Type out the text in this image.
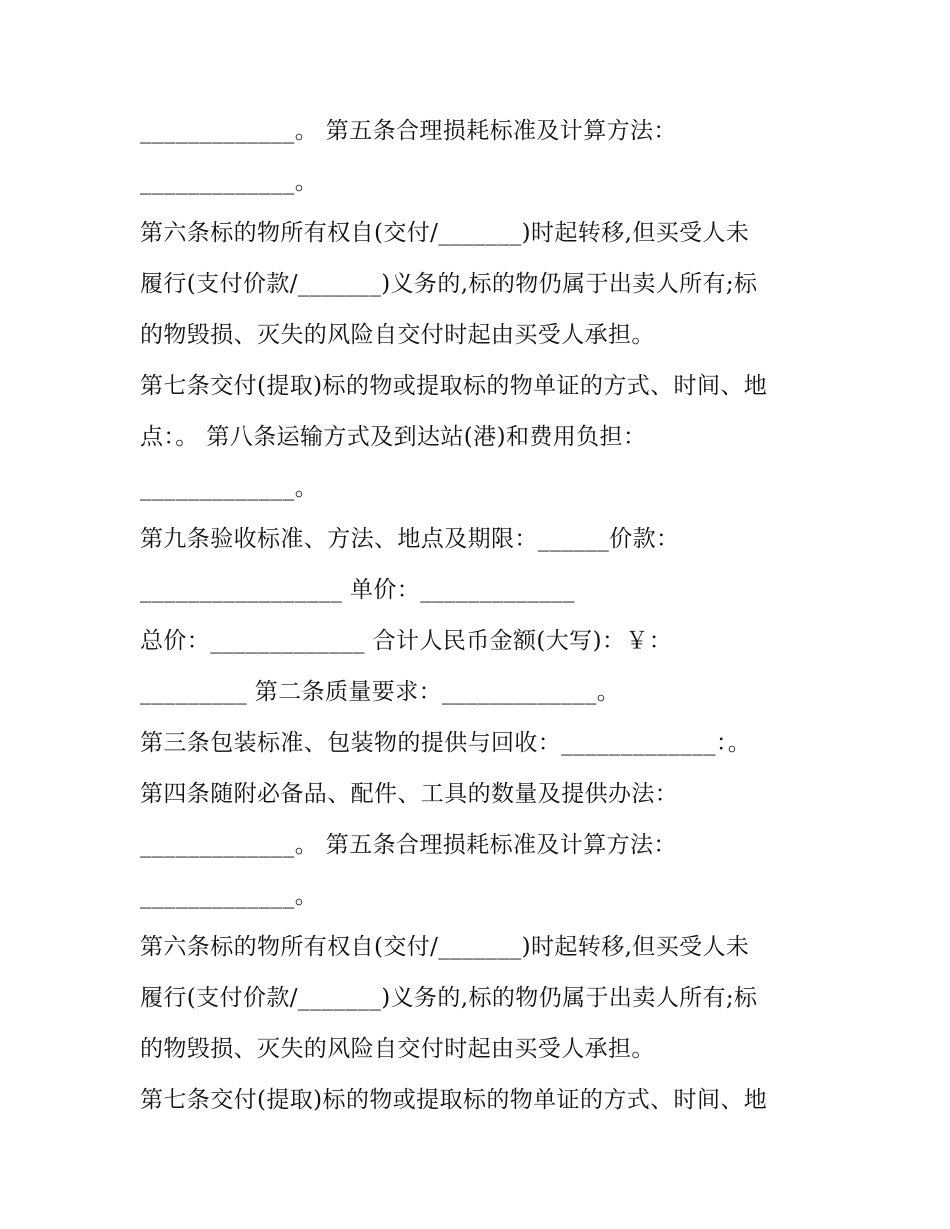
_____________。 第五条合理损耗标准及计算方法：
_____________。
第六条标的物所有权自(交付/_______)时起转移,但买受人未
履行(支付价款/_______)义务的,标的物仍属于出卖人所有;标
的物毁损、灭失的风险自交付时起由买受人承担。
第七条交付(提取)标的物或提取标的物单证的方式、时间、地
点：。 第八条运输方式及到达站(港)和费用负担：
_____________。
第九条验收标准、方法、地点及期限：______价款：
_________________ 单价：_____________
总价：_____________ 合计人民币金额(大写)：￥：
_________ 第二条质量要求：_____________。
第三条包装标准、包装物的提供与回收：_____________：。
第四条随附必备品、配件、工具的数量及提供办法：
_____________。 第五条合理损耗标准及计算方法：
_____________。
第六条标的物所有权自(交付/_______)时起转移,但买受人未
履行(支付价款/_______)义务的,标的物仍属于出卖人所有;标
的物毁损、灭失的风险自交付时起由买受人承担。
第七条交付(提取)标的物或提取标的物单证的方式、时间、地
